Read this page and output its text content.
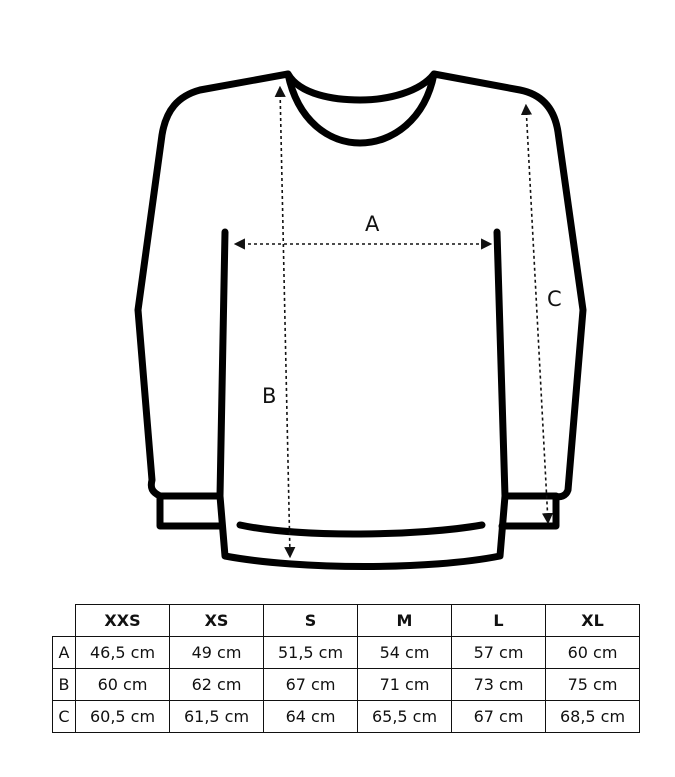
A
B
C
	XXS	XS	S	M	L	XL
A	46,5 cm	49 cm	51,5 cm	54 cm	57 cm	60 cm
B	60 cm	62 cm	67 cm	71 cm	73 cm	75 cm
C	60,5 cm	61,5 cm	64 cm	65,5 cm	67 cm	68,5 cm
